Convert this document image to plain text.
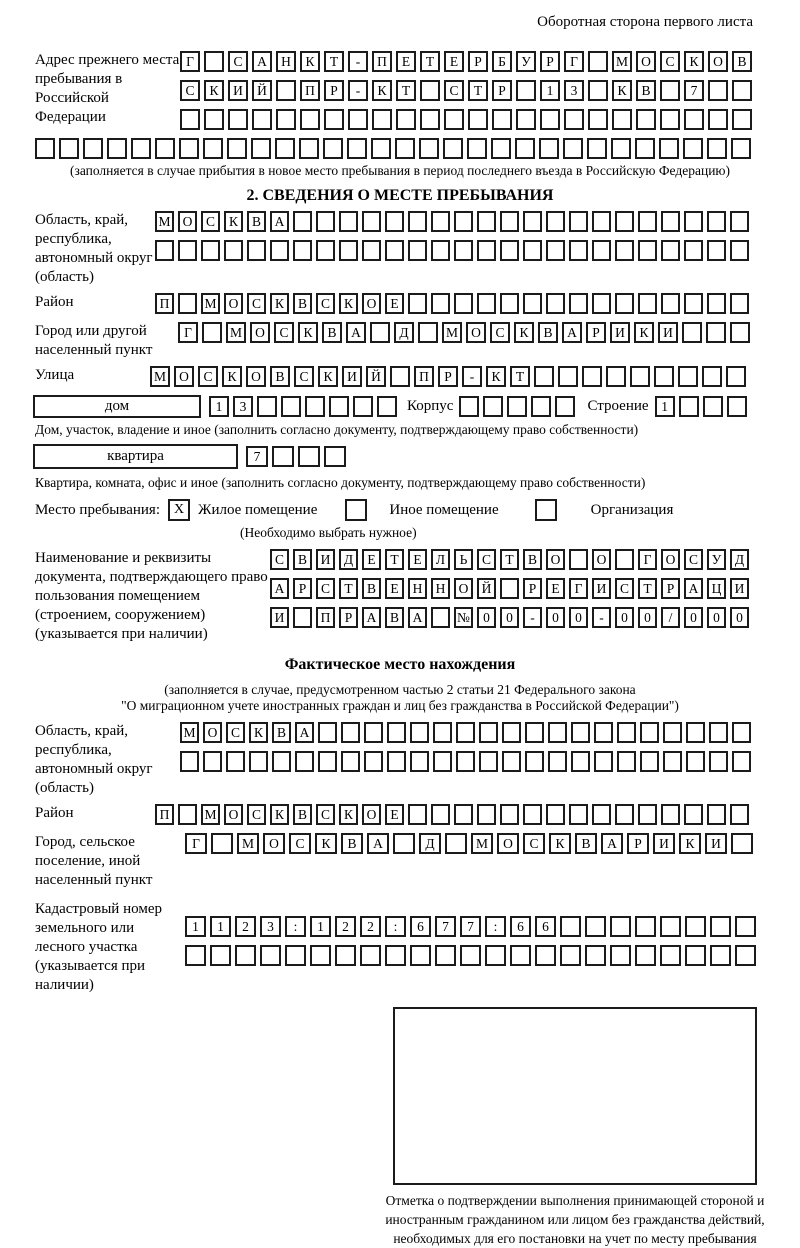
Оборотная сторона первого листа
Адрес прежнего места пребывания в Российской Федерации
Г	С	А	Н	К	Т	-	П	Е	Т	Е	Р	Б	У	Р	Г	М О	С	К	О	В
С	К	И	Й	П	Р	-	К	Т	С	Т	Р	1	3	К	В	7
(заполняется в случае прибытия в новое место пребывания в период последнего въезда в Российскую Федерацию)
2. СВЕДЕНИЯ О МЕСТЕ ПРЕБЫВАНИЯ
Область, край, республика, автономный округ (область)
М О	С	К	В	А
Район	П	М О	С	К	В	С	К	О	Е
Город или другой населенный пункт
Г	М О	С	К	В	А	Д	М О	С	К	В	А	Р	И	К	И
Улица	М О	С	К	О	В	С	К	И	Й	П	Р	-	К	Т
дом	1	3	Корпус	Строение 1
Дом, участок, владение и иное (заполнить согласно документу, подтверждающему право собственности)
квартира	7
Квартира, комната, офис и иное (заполнить согласно документу, подтверждающему право собственности)
Место пребывания: X Жилое помещение	Иное помещение	Организация
(Необходимо выбрать нужное)
Наименование и реквизиты документа, подтверждающего право пользования помещением (строением, сооружением) (указывается при наличии)
С	В	И	Д	Е	Т	Е	Л	Ь	С	Т	В	О	О	Г	О	С	У	Д
А	Р	С	Т	В	Е	Н Н О Й	Р	Е	Г	И	С	Т	Р	А Ц И
И	П	Р	А	В	А	№ 0	0	-	0	0	-	0	0	/	0	0	0
Фактическое место нахождения
(заполняется в случае, предусмотренном частью 2 статьи 21 Федерального закона
"О миграционном учете иностранных граждан и лиц без гражданства в Российской Федерации")
Область, край, республика, автономный округ (область)
М О	С	К	В	А
Район	П	М О	С	К	В	С	К	О	Е
Город, сельское поселение, иной населенный пункт
Г	М	О	С	К	В	А	Д	М	О	С	К	В	А	Р	И	К	И
Кадастровый номер земельного или лесного участка (указывается при наличии)
1	1	2	3	:	1	2	2	:	6	7	7	:	6	6
Отметка о подтверждении выполнения принимающей стороной и иностранным гражданином или лицом без гражданства действий, необходимых для его постановки на учет по месту пребывания
